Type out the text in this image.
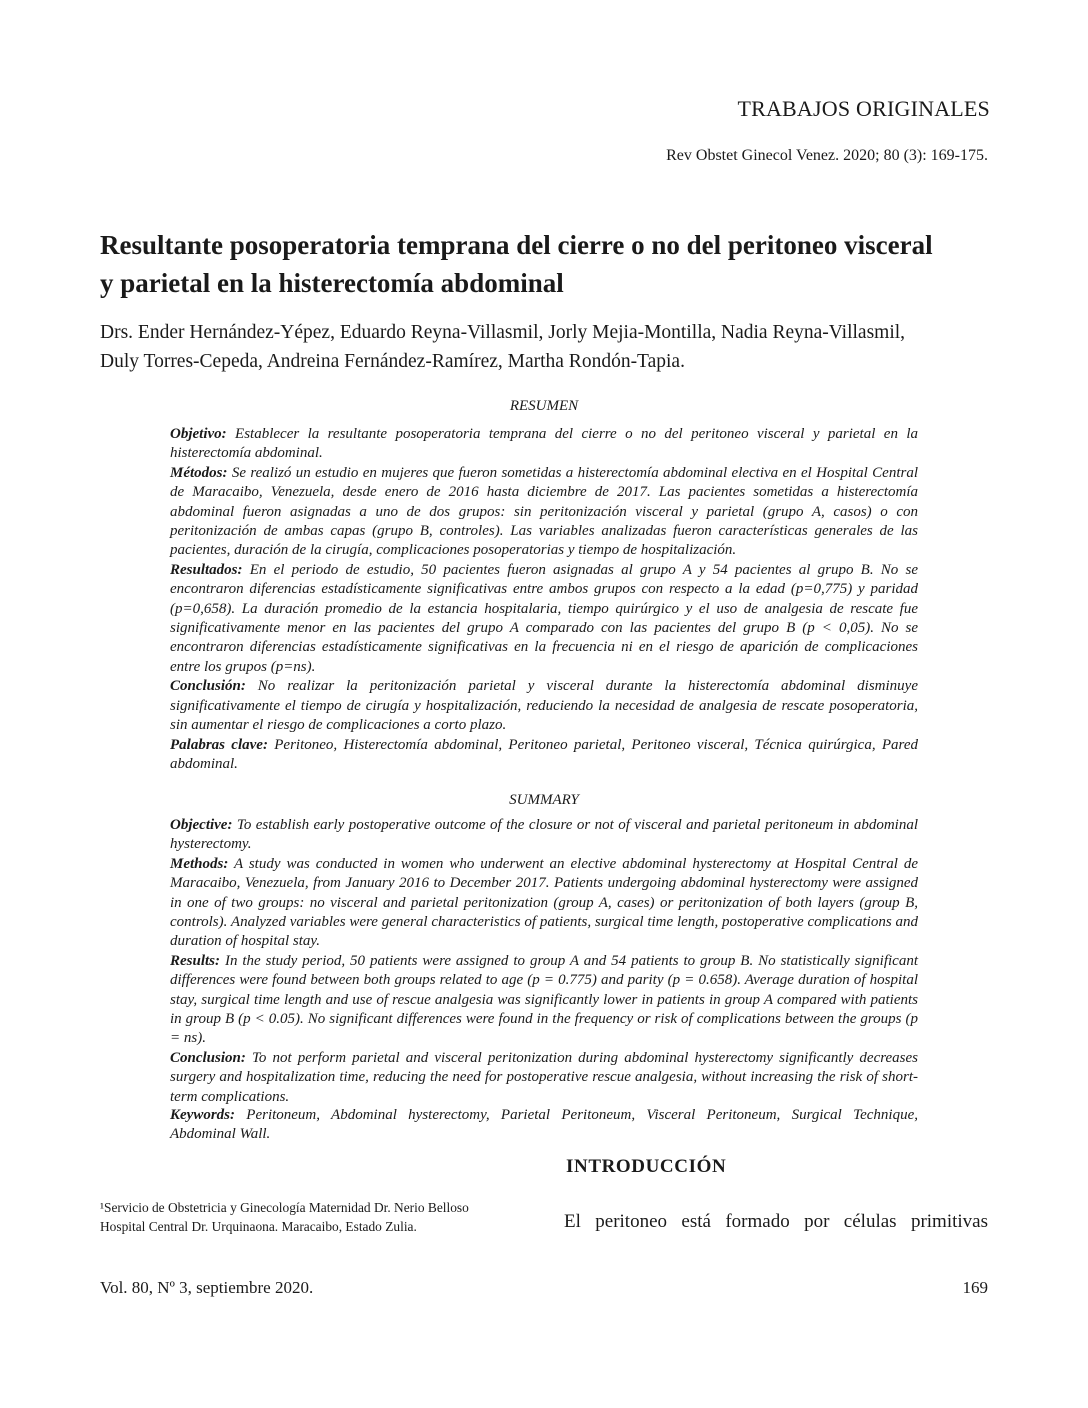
TRABAJOS ORIGINALES
Rev Obstet Ginecol Venez. 2020; 80 (3): 169-175.
Resultante posoperatoria temprana del cierre o no del peritoneo visceral
y parietal en la histerectomía abdominal

Drs. Ender Hernández-Yépez, Eduardo Reyna-Villasmil, Jorly Mejia-Montilla, Nadia Reyna-Villasmil,
Duly Torres-Cepeda, Andreina Fernández-Ramírez, Martha Rondón-Tapia.

RESUMEN

Objetivo: Establecer la resultante posoperatoria temprana del cierre o no del peritoneo visceral y parietal en la histerectomía abdominal.

Métodos: Se realizó un estudio en mujeres que fueron sometidas a histerectomía abdominal electiva en el Hospital Central de Maracaibo, Venezuela, desde enero de 2016 hasta diciembre de 2017. Las pacientes sometidas a histerectomía abdominal fueron asignadas a uno de dos grupos: sin peritonización visceral y parietal (grupo A, casos) o con peritonización de ambas capas (grupo B, controles). Las variables analizadas fueron características generales de las pacientes, duración de la cirugía, complicaciones posoperatorias y tiempo de hospitalización.

Resultados: En el periodo de estudio, 50 pacientes fueron asignadas al grupo A y 54 pacientes al grupo B. No se encontraron diferencias estadísticamente significativas entre ambos grupos con respecto a la edad (p=0,775) y paridad (p=0,658). La duración promedio de la estancia hospitalaria, tiempo quirúrgico y el uso de analgesia de rescate fue significativamente menor en las pacientes del grupo A comparado con las pacientes del grupo B (p < 0,05). No se encontraron diferencias estadísticamente significativas en la frecuencia ni en el riesgo de aparición de complicaciones entre los grupos (p=ns).

Conclusión: No realizar la peritonización parietal y visceral durante la histerectomía abdominal disminuye significativamente el tiempo de cirugía y hospitalización, reduciendo la necesidad de analgesia de rescate posoperatoria, sin aumentar el riesgo de complicaciones a corto plazo.

Palabras clave: Peritoneo, Histerectomía abdominal, Peritoneo parietal, Peritoneo visceral, Técnica quirúrgica, Pared abdominal.

SUMMARY

Objective: To establish early postoperative outcome of the closure or not of visceral and parietal peritoneum in abdominal hysterectomy.

Methods: A study was conducted in women who underwent an elective abdominal hysterectomy at Hospital Central de Maracaibo, Venezuela, from January 2016 to December 2017. Patients undergoing abdominal hysterectomy were assigned in one of two groups: no visceral and parietal peritonization (group A, cases) or peritonization of both layers (group B, controls). Analyzed variables were general characteristics of patients, surgical time length, postoperative complications and duration of hospital stay.

Results: In the study period, 50 patients were assigned to group A and 54 patients to group B. No statistically significant differences were found between both groups related to age (p = 0.775) and parity (p = 0.658). Average duration of hospital stay, surgical time length and use of rescue analgesia was significantly lower in patients in group A compared with patients in group B (p < 0.05). No significant differences were found in the frequency or risk of complications between the groups (p = ns).

Conclusion: To not perform parietal and visceral peritonization during abdominal hysterectomy significantly decreases surgery and hospitalization time, reducing the need for postoperative rescue analgesia, without increasing the risk of short-term complications.

Keywords: Peritoneum, Abdominal hysterectomy, Parietal Peritoneum, Visceral Peritoneum, Surgical Technique, Abdominal Wall.

INTRODUCCIÓN

El peritoneo está formado por células primitivas

¹Servicio de Obstetricia y Ginecología Maternidad Dr. Nerio Belloso
Hospital Central Dr. Urquinaona. Maracaibo, Estado Zulia.

Vol. 80, Nº 3, septiembre 2020.	169
